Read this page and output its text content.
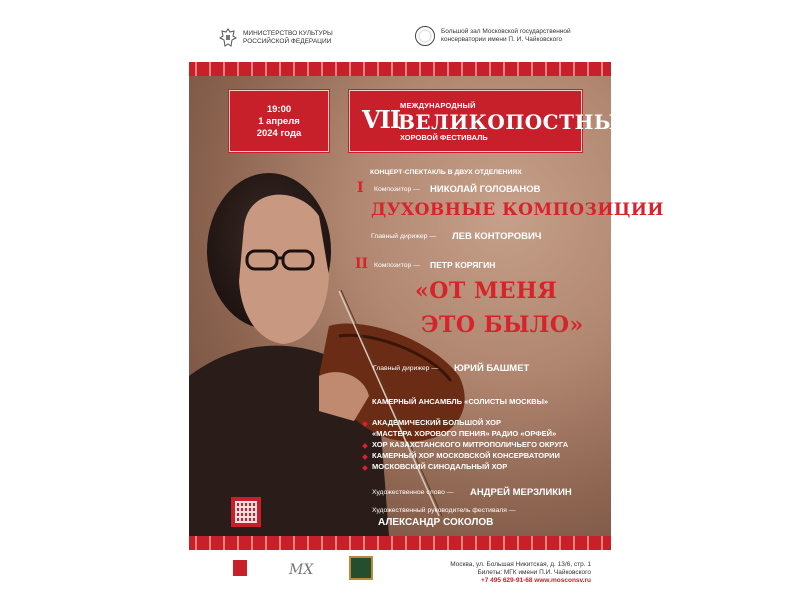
МИНИСТЕРСТВО КУЛЬТУРЫ РОССИЙСКОЙ ФЕДЕРАЦИИ
Большой зал Московской государственной консерватории имени П. И. Чайковского
19:00
1 апреля
2024 года	VII МЕЖДУНАРОДНЫЙ
ВЕЛИКОПОСТНЫЙ
ХОРОВОЙ ФЕСТИВАЛЬ
КОНЦЕРТ-СПЕКТАКЛЬ В ДВУХ ОТДЕЛЕНИЯХ
I Композитор — НИКОЛАЙ ГОЛОВАНОВ
ДУХОВНЫЕ КОМПОЗИЦИИ
Главный дирижер — ЛЕВ КОНТОРОВИЧ
II Композитор — ПЕТР КОРЯГИН
«ОТ МЕНЯ
ЭТО БЫЛО»
Главный дирижер — ЮРИЙ БАШМЕТ
КАМЕРНЫЙ АНСАМБЛЬ «СОЛИСТЫ МОСКВЫ»
АКАДЕМИЧЕСКИЙ БОЛЬШОЙ ХОР
«МАСТЕРА ХОРОВОГО ПЕНИЯ» РАДИО «ОРФЕЙ»
ХОР КАЗАХСТАНСКОГО МИТРОПОЛИЧЬЕГО ОКРУГА
КАМЕРНЫЙ ХОР МОСКОВСКОЙ КОНСЕРВАТОРИИ
МОСКОВСКИЙ СИНОДАЛЬНЫЙ ХОР
Художественное слово — АНДРЕЙ МЕРЗЛИКИН
Художественный руководитель фестиваля —
АЛЕКСАНДР СОКОЛОВ
МХ	Москва, ул. Большая Никитская, д. 13/6, стр. 1
Билеты: МГК имени П.И. Чайковского
+7 495 629-91-68 www.mosconsv.ru
